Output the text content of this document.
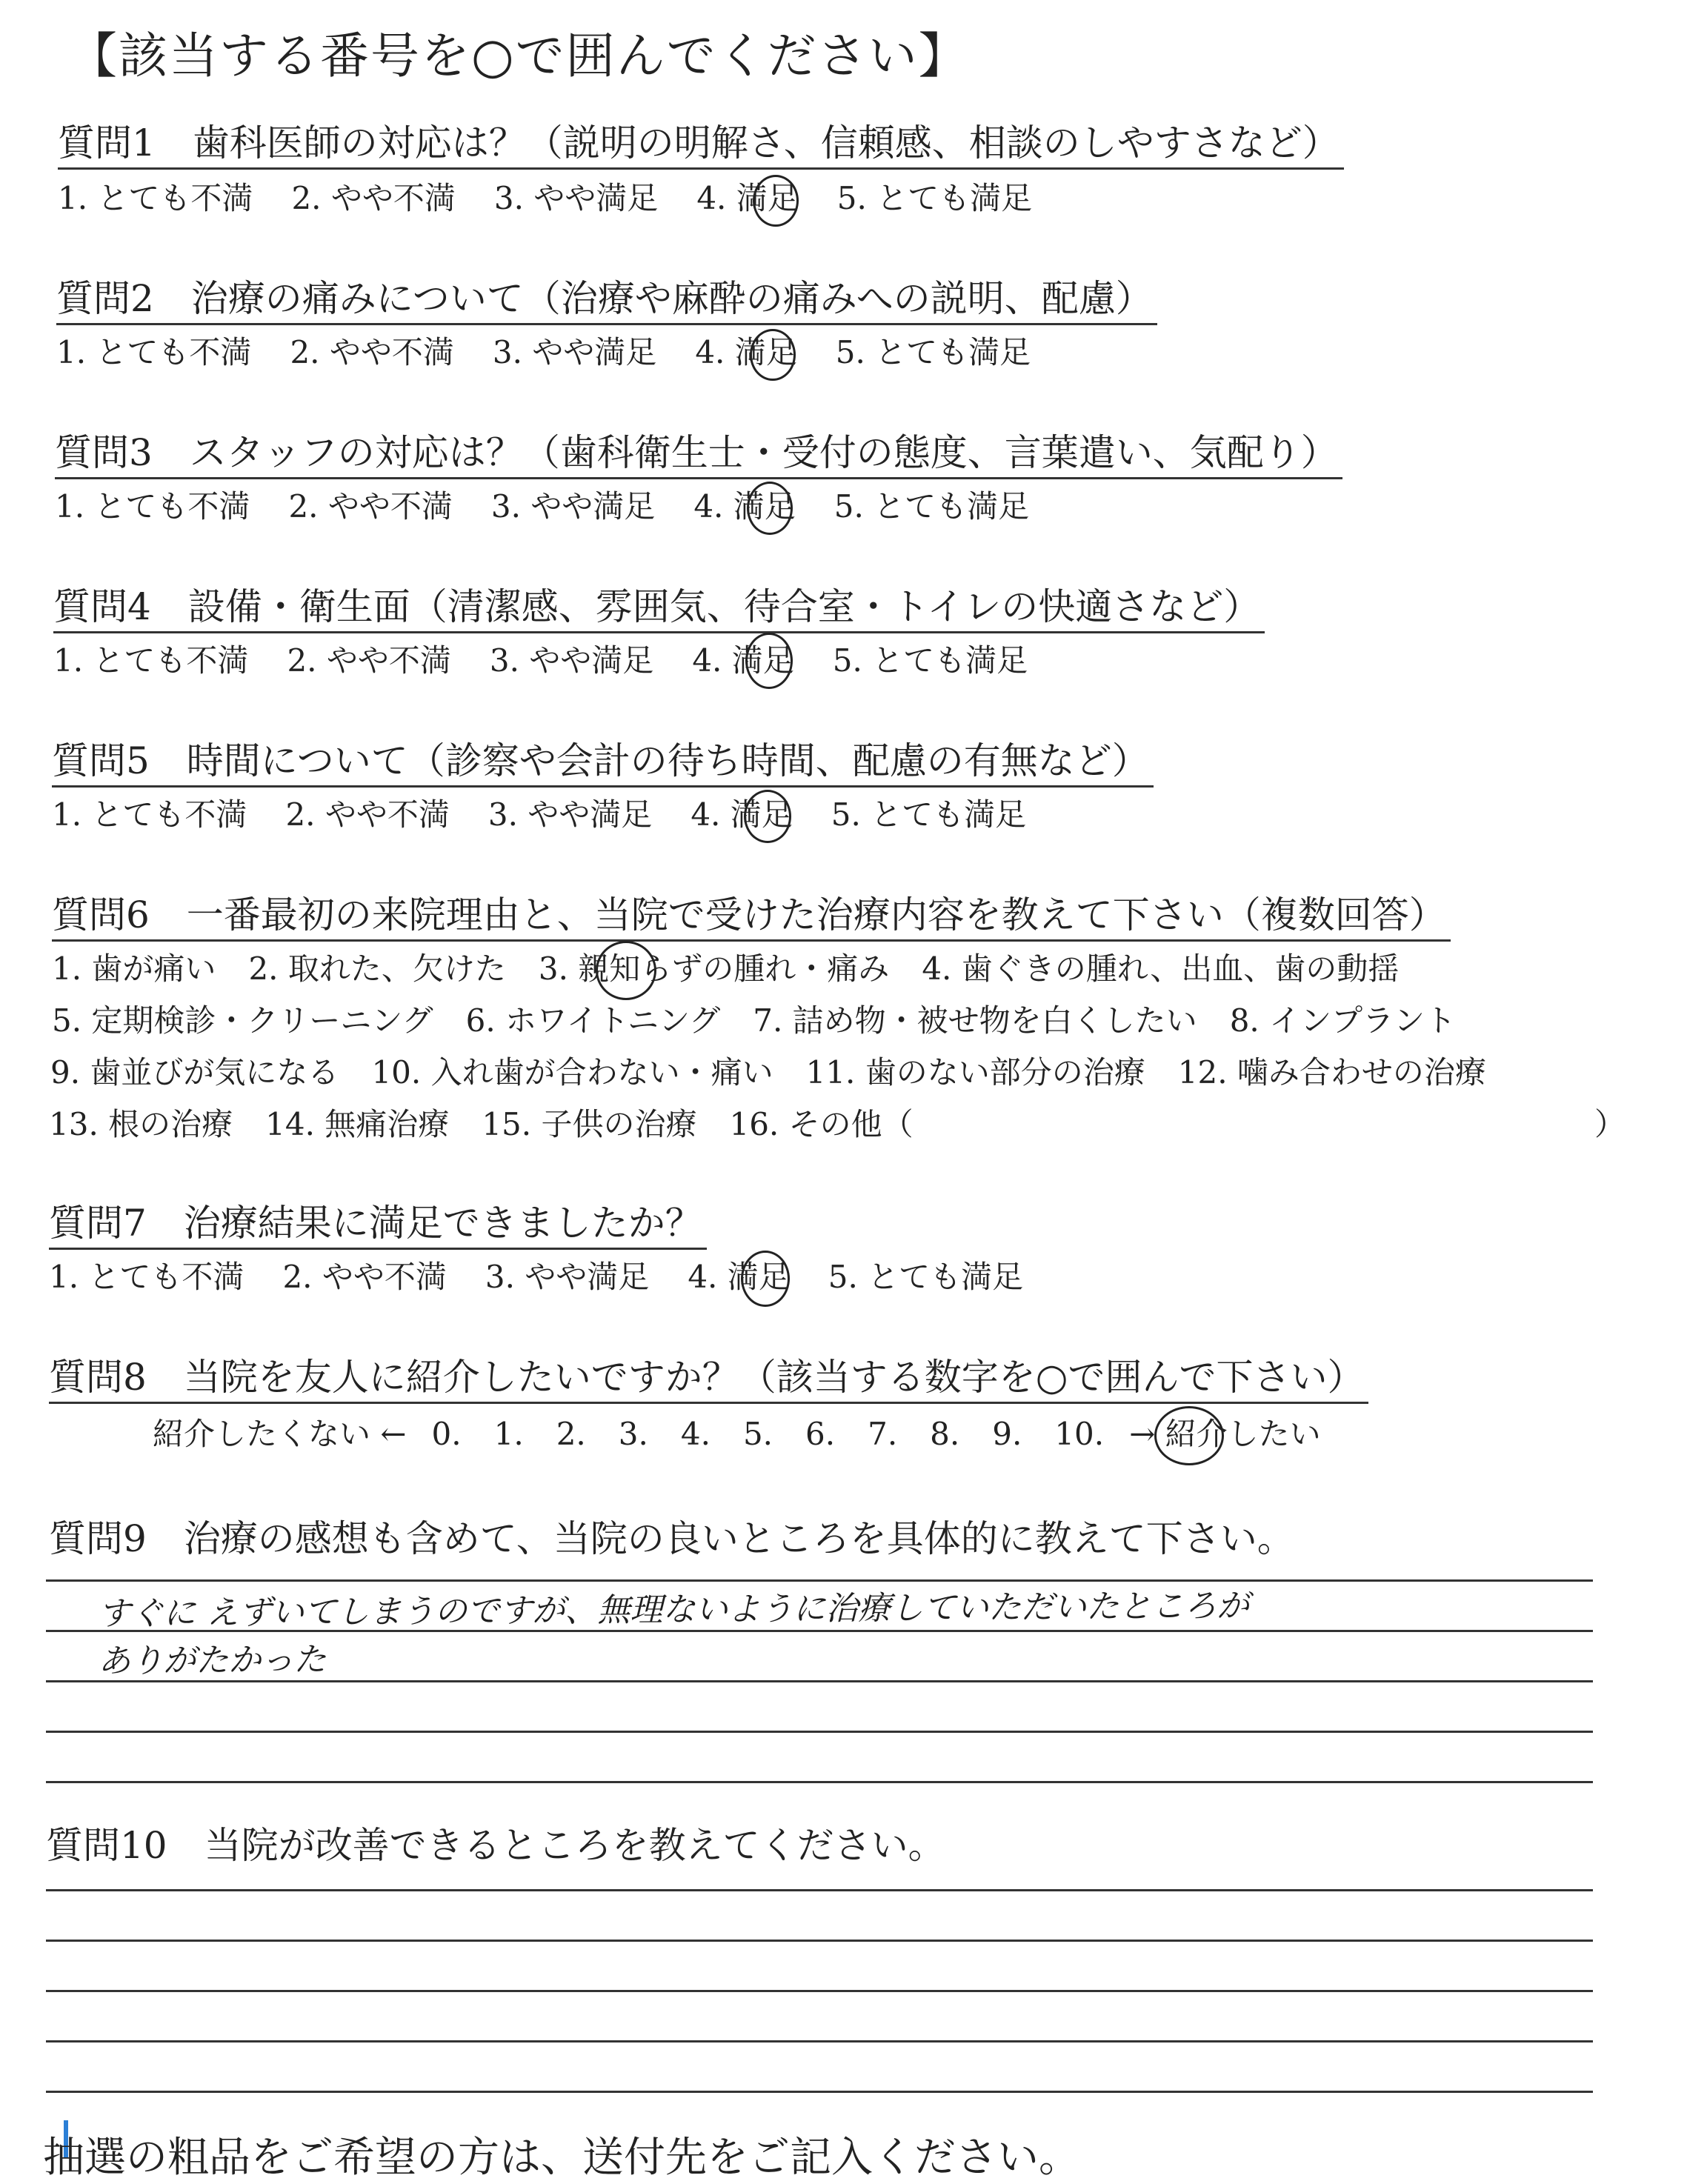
【該当する番号を○で囲んでください】
質問1　歯科医師の対応は？（説明の明解さ、信頼感、相談のしやすさなど）
1. とても不満 2. やや不満 3. やや満足 4. 満足 5. とても満足
質問2　治療の痛みについて（治療や麻酔の痛みへの説明、配慮）
1. とても不満 2. やや不満 3. やや満足 4. 満足 5. とても満足
質問3　スタッフの対応は？（歯科衛生士・受付の態度、言葉遣い、気配り）
1. とても不満 2. やや不満 3. やや満足 4. 満足 5. とても満足
質問4　設備・衛生面（清潔感、雰囲気、待合室・トイレの快適さなど）
1. とても不満 2. やや不満 3. やや満足 4. 満足 5. とても満足
質問5　時間について（診察や会計の待ち時間、配慮の有無など）
1. とても不満 2. やや不満 3. やや満足 4. 満足 5. とても満足
質問6　一番最初の来院理由と、当院で受けた治療内容を教えて下さい（複数回答）
1. 歯が痛い 2. 取れた、欠けた 3. 親知らずの腫れ・痛み 4. 歯ぐきの腫れ、出血、歯の動揺
5. 定期検診・クリーニング 6. ホワイトニング 7. 詰め物・被せ物を白くしたい 8. インプラント
9. 歯並びが気になる 10. 入れ歯が合わない・痛い 11. 歯のない部分の治療 12. 噛み合わせの治療
13. 根の治療 14. 無痛治療 15. 子供の治療 16. その他（	）
質問7　治療結果に満足できましたか？
1. とても不満 2. やや不満 3. やや満足 4. 満足 5. とても満足
質問8　当院を友人に紹介したいですか？（該当する数字を○で囲んで下さい）
紹介したくない ← 0. 1. 2. 3. 4. 5. 6. 7. 8. 9. 10. → 紹介したい
質問9　治療の感想も含めて、当院の良いところを具体的に教えて下さい。
すぐに えずいてしまうのですが、無理ないように治療していただいたところが
ありがたかった
質問10　当院が改善できるところを教えてください。
抽選の粗品をご希望の方は、送付先をご記入ください。
